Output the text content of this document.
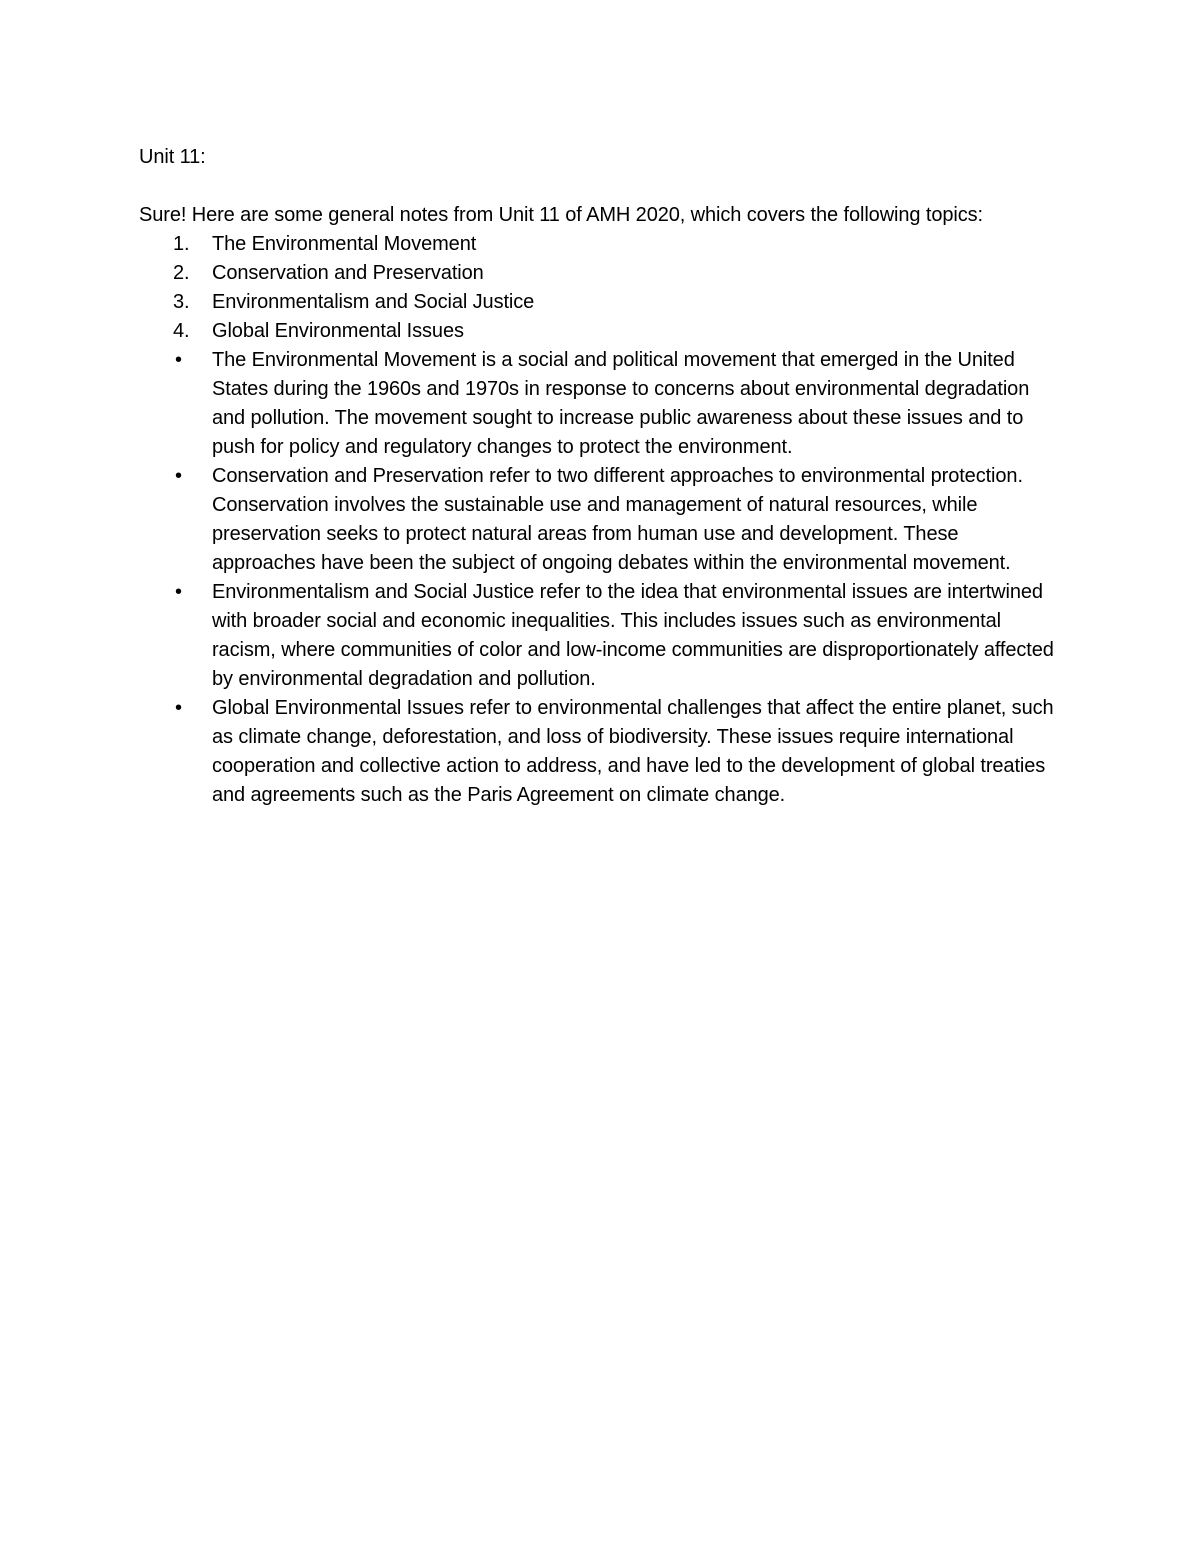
Unit 11:

Sure! Here are some general notes from Unit 11 of AMH 2020, which covers the following topics:

1.	The Environmental Movement
2.	Conservation and Preservation
3.	Environmentalism and Social Justice
4.	Global Environmental Issues
•	The Environmental Movement is a social and political movement that emerged in the United States during the 1960s and 1970s in response to concerns about environmental degradation and pollution. The movement sought to increase public awareness about these issues and to push for policy and regulatory changes to protect the environment.
•	Conservation and Preservation refer to two different approaches to environmental protection. Conservation involves the sustainable use and management of natural resources, while preservation seeks to protect natural areas from human use and development. These approaches have been the subject of ongoing debates within the environmental movement.
•	Environmentalism and Social Justice refer to the idea that environmental issues are intertwined with broader social and economic inequalities. This includes issues such as environmental racism, where communities of color and low-income communities are disproportionately affected by environmental degradation and pollution.
•	Global Environmental Issues refer to environmental challenges that affect the entire planet, such as climate change, deforestation, and loss of biodiversity. These issues require international cooperation and collective action to address, and have led to the development of global treaties and agreements such as the Paris Agreement on climate change.
